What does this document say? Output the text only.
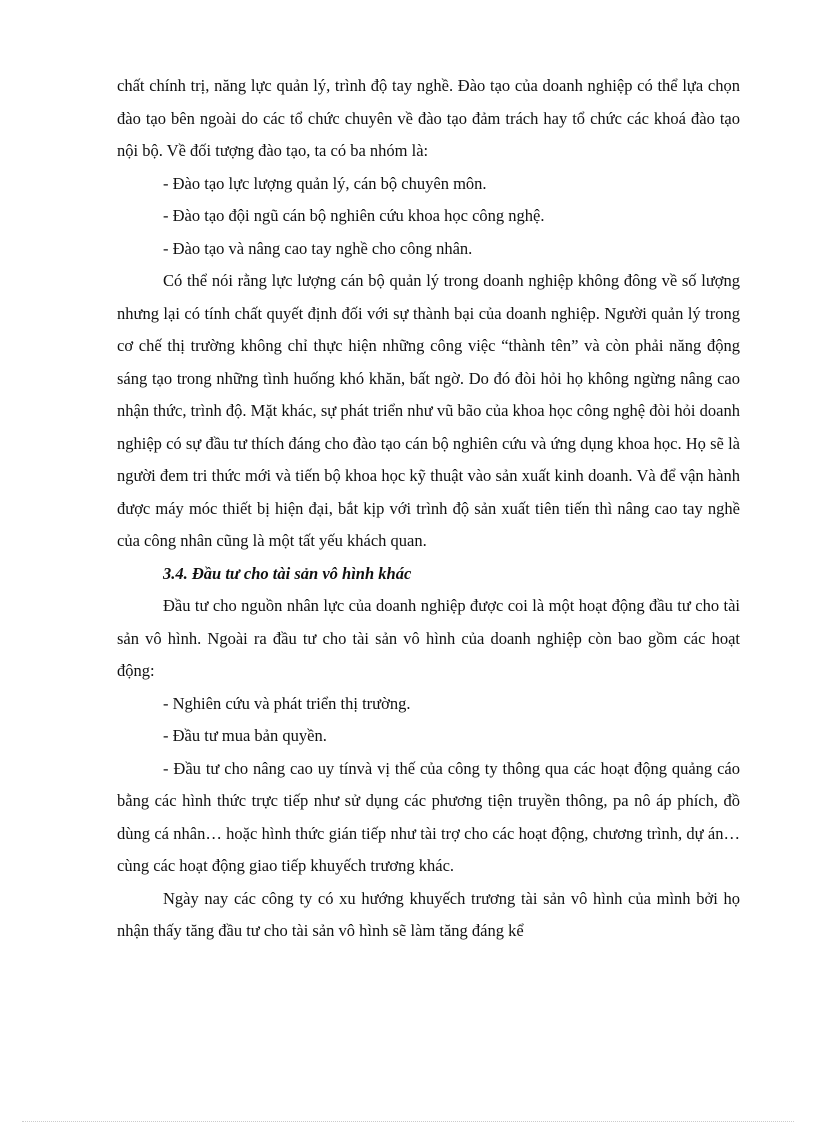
chất chính trị, năng lực quản lý, trình độ tay nghề. Đào tạo của doanh nghiệp có thể lựa chọn đào tạo bên ngoài do các tổ chức chuyên về đào tạo đảm trách hay tổ chức các khoá đào tạo nội bộ. Về đối tượng đào tạo, ta có ba nhóm là:

- Đào tạo lực lượng quản lý, cán bộ chuyên môn.

- Đào tạo đội ngũ cán bộ nghiên cứu khoa học công nghệ.

- Đào tạo và nâng cao tay nghề cho công nhân.

Có thể nói rằng lực lượng cán bộ quản lý trong doanh nghiệp không đông về số lượng nhưng lại có tính chất quyết định đối với sự thành bại của doanh nghiệp. Người quản lý trong cơ chế thị trường không chỉ thực hiện những công việc “thành tên” và còn phải năng động sáng tạo trong những tình huống khó khăn, bất ngờ. Do đó đòi hỏi họ không ngừng nâng cao nhận thức, trình độ. Mặt khác, sự phát triển như vũ bão của khoa học công nghệ đòi hỏi doanh nghiệp có sự đầu tư thích đáng cho đào tạo cán bộ nghiên cứu và ứng dụng khoa học. Họ sẽ là người đem tri thức mới và tiến bộ khoa học kỹ thuật vào sản xuất kinh doanh. Và để vận hành được máy móc thiết bị hiện đại, bắt kịp với trình độ sản xuất tiên tiến thì nâng cao tay nghề của công nhân cũng là một tất yếu khách quan.

3.4. Đầu tư cho tài sản vô hình khác

Đầu tư cho nguồn nhân lực của doanh nghiệp được coi là một hoạt động đầu tư cho tài sản vô hình. Ngoài ra đầu tư cho tài sản vô hình của doanh nghiệp còn bao gồm các hoạt động:

- Nghiên cứu và phát triển thị trường.

- Đầu tư mua bản quyền.

- Đầu tư cho nâng cao uy tínvà vị thế của công ty thông qua các hoạt động quảng cáo bằng các hình thức trực tiếp như sử dụng các phương tiện truyền thông, pa nô áp phích, đồ dùng cá nhân… hoặc hình thức gián tiếp như tài trợ cho các hoạt động, chương trình, dự án… cùng các hoạt động giao tiếp khuyếch trương khác.

Ngày nay các công ty có xu hướng khuyếch trương tài sản vô hình của mình bởi họ nhận thấy tăng đầu tư cho tài sản vô hình sẽ làm tăng đáng kể
